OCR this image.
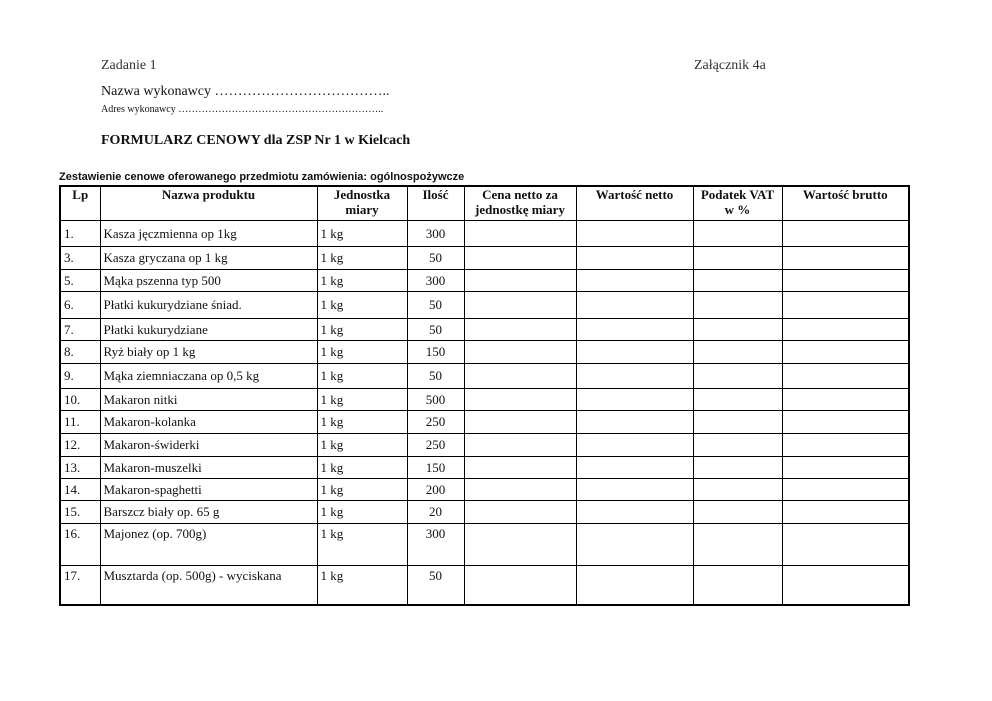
Zadanie 1	Załącznik 4a
Nazwa wykonawcy ………………………………..
Adres wykonawcy ……………………………………………………..
FORMULARZ CENOWY dla ZSP Nr 1 w Kielcach
Zestawienie cenowe oferowanego przedmiotu zamówienia: ogólnospożywcze
Lp	Nazwa produktu	Jednostka miary	Ilość	Cena netto za jednostkę miary	Wartość netto	Podatek VAT w %	Wartość brutto
1.	Kasza jęczmienna op 1kg	1 kg	300				
3.	Kasza gryczana op 1 kg	1 kg	50				
5.	Mąka pszenna typ 500	1 kg	300				
6.	Płatki kukurydziane śniad.	1 kg	50				
7.	Płatki kukurydziane	1 kg	50				
8.	Ryż biały op 1 kg	1 kg	150				
9.	Mąka ziemniaczana op 0,5 kg	1 kg	50				
10.	Makaron nitki	1 kg	500				
11.	Makaron-kolanka	1 kg	250				
12.	Makaron-świderki	1 kg	250				
13.	Makaron-muszelki	1 kg	150				
14.	Makaron-spaghetti	1 kg	200				
15.	Barszcz biały op. 65 g	1 kg	20				
16.	Majonez (op. 700g)	1 kg	300				
17.	Musztarda (op. 500g) - wyciskana	1 kg	50				
